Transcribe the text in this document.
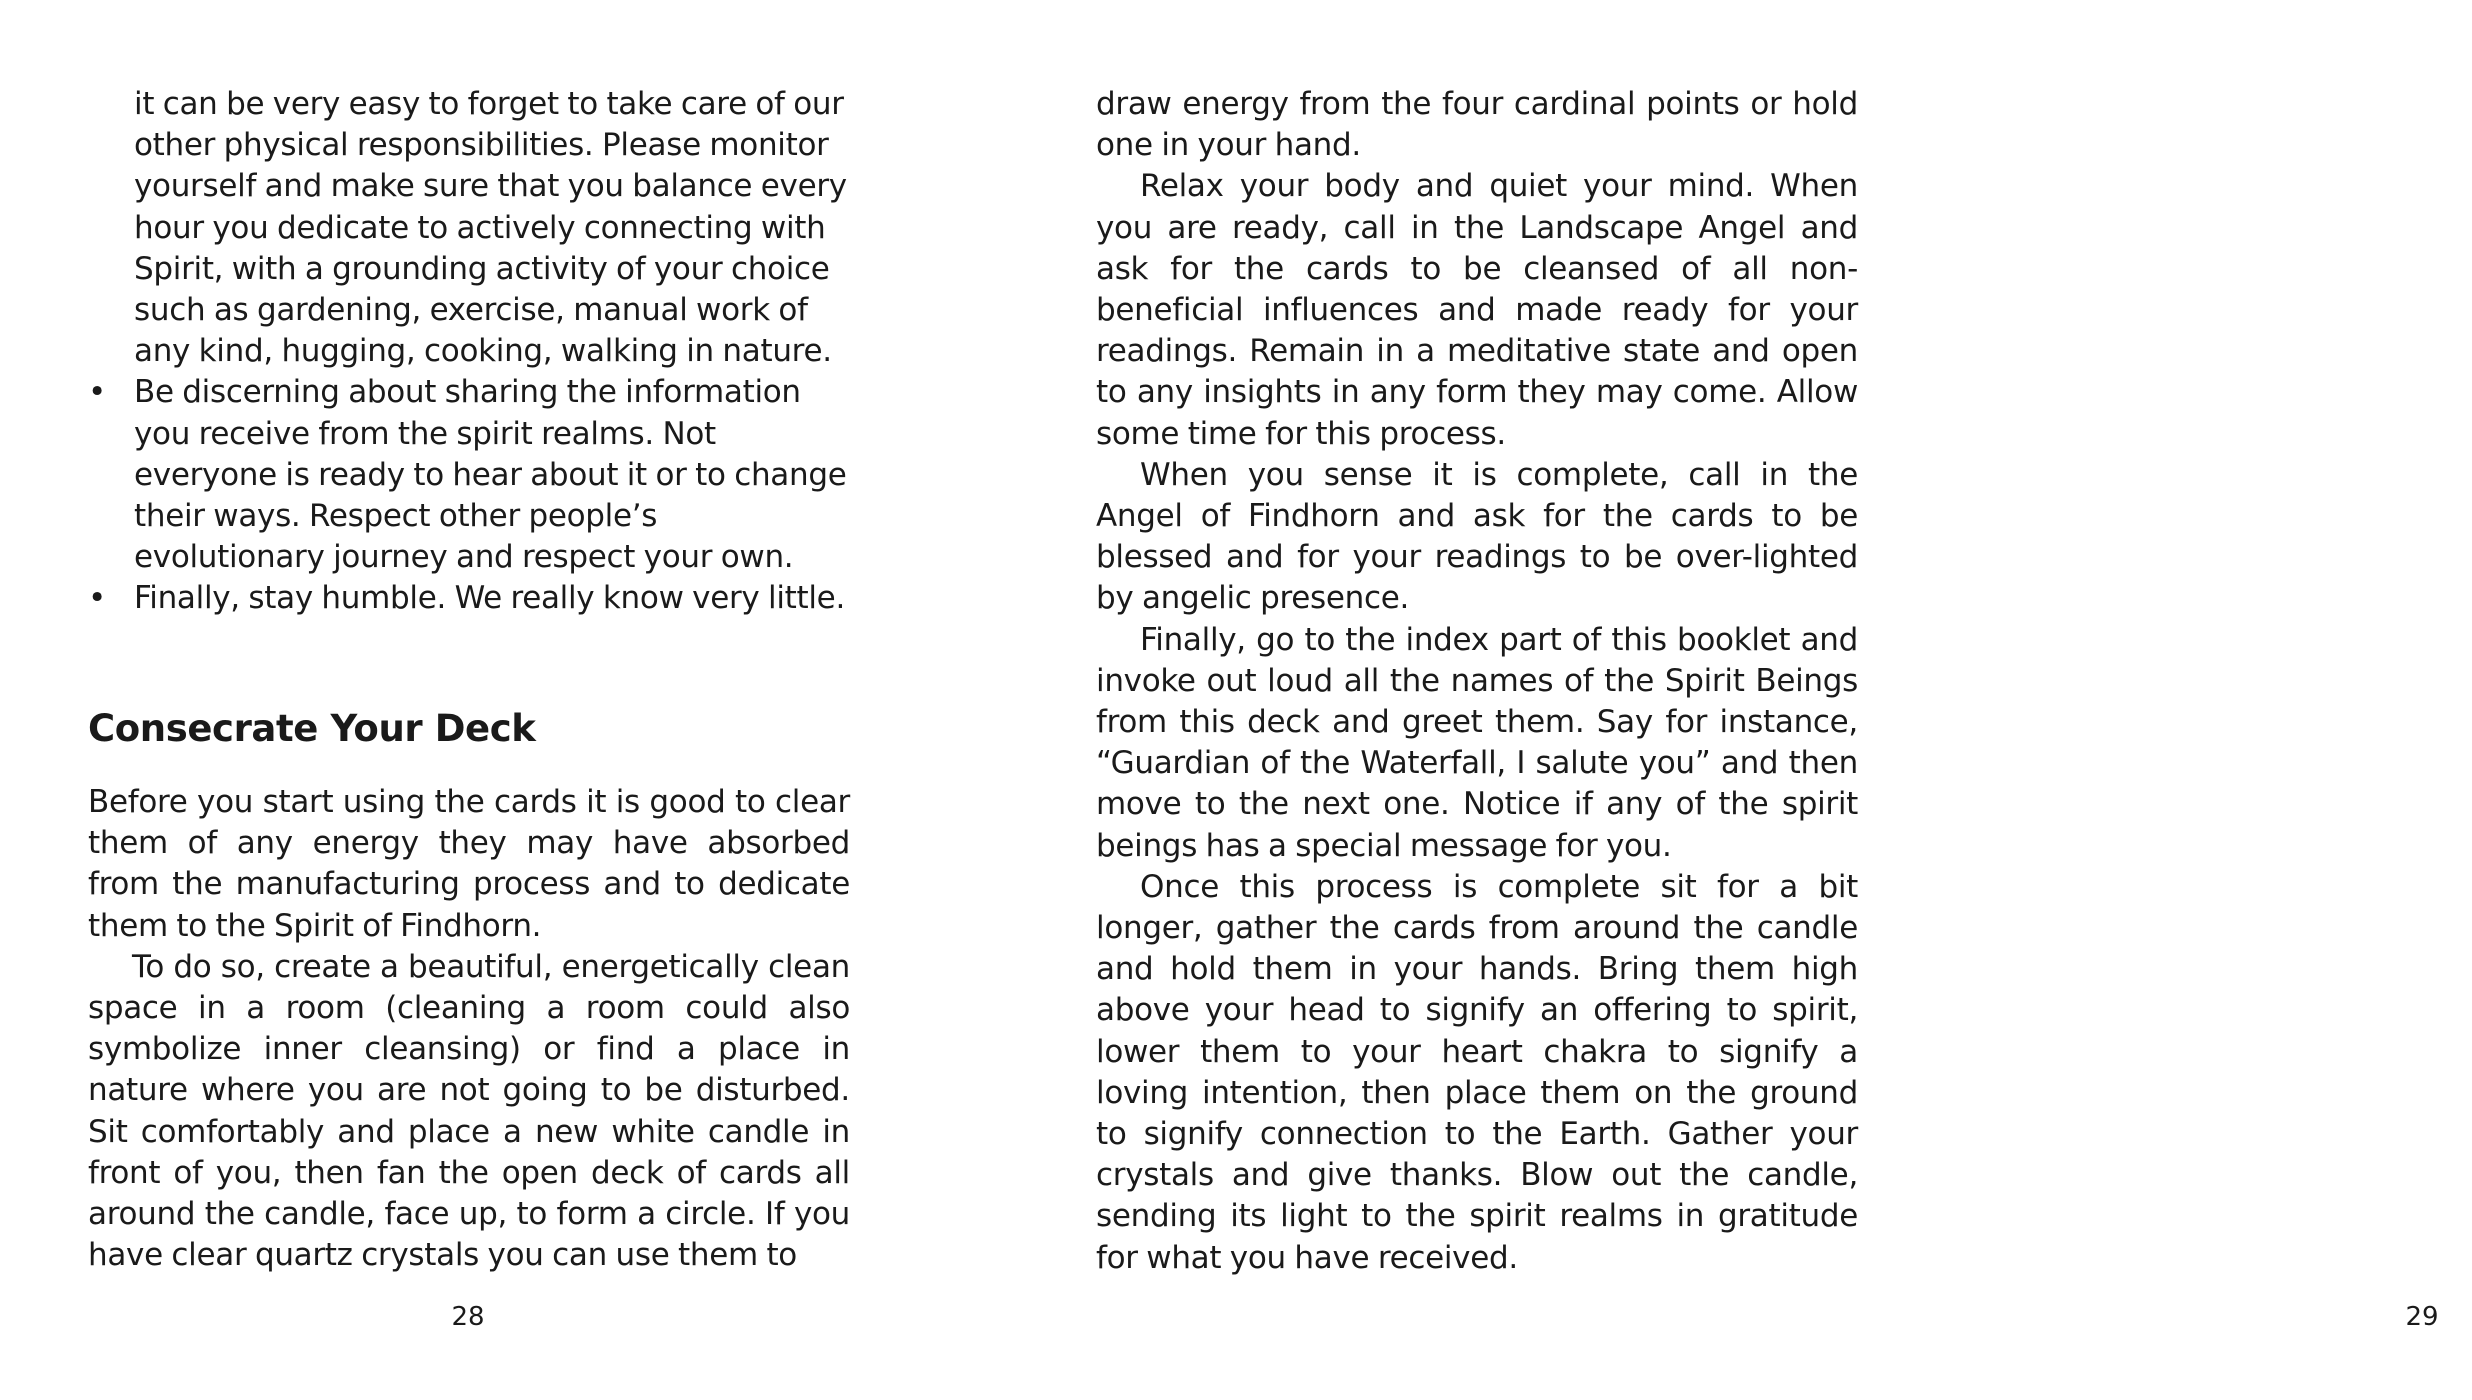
it can be very easy to forget to take care of our other physical responsibilities. Please monitor yourself and make sure that you balance every hour you dedicate to actively connecting with Spirit, with a grounding activity of your choice such as gardening, exercise, manual work of any kind, hugging, cooking, walking in nature.

• Be discerning about sharing the information you receive from the spirit realms. Not everyone is ready to hear about it or to change their ways. Respect other people’s evolutionary journey and respect your own.
• Finally, stay humble. We really know very little.
Consecrate Your Deck

Before you start using the cards it is good to clear them of any energy they may have absorbed from the manufacturing process and to dedicate them to the Spirit of Findhorn.

To do so, create a beautiful, energetically clean space in a room (cleaning a room could also symbolize inner cleansing) or find a place in nature where you are not going to be disturbed. Sit comfortably and place a new white candle in front of you, then fan the open deck of cards all around the candle, face up, to form a circle. If you have clear quartz crystals you can use them to

28

draw energy from the four cardinal points or hold one in your hand.

Relax your body and quiet your mind. When you are ready, call in the Landscape Angel and ask for the cards to be cleansed of all non-beneficial influences and made ready for your readings. Remain in a meditative state and open to any insights in any form they may come. Allow some time for this process.

When you sense it is complete, call in the Angel of Findhorn and ask for the cards to be blessed and for your readings to be over-lighted by angelic presence.

Finally, go to the index part of this booklet and invoke out loud all the names of the Spirit Beings from this deck and greet them. Say for instance, “Guardian of the Waterfall, I salute you” and then move to the next one. Notice if any of the spirit beings has a special message for you.

Once this process is complete sit for a bit longer, gather the cards from around the candle and hold them in your hands. Bring them high above your head to signify an offering to spirit, lower them to your heart chakra to signify a loving intention, then place them on the ground to signify connection to the Earth. Gather your crystals and give thanks. Blow out the candle, sending its light to the spirit realms in gratitude for what you have received.

29
